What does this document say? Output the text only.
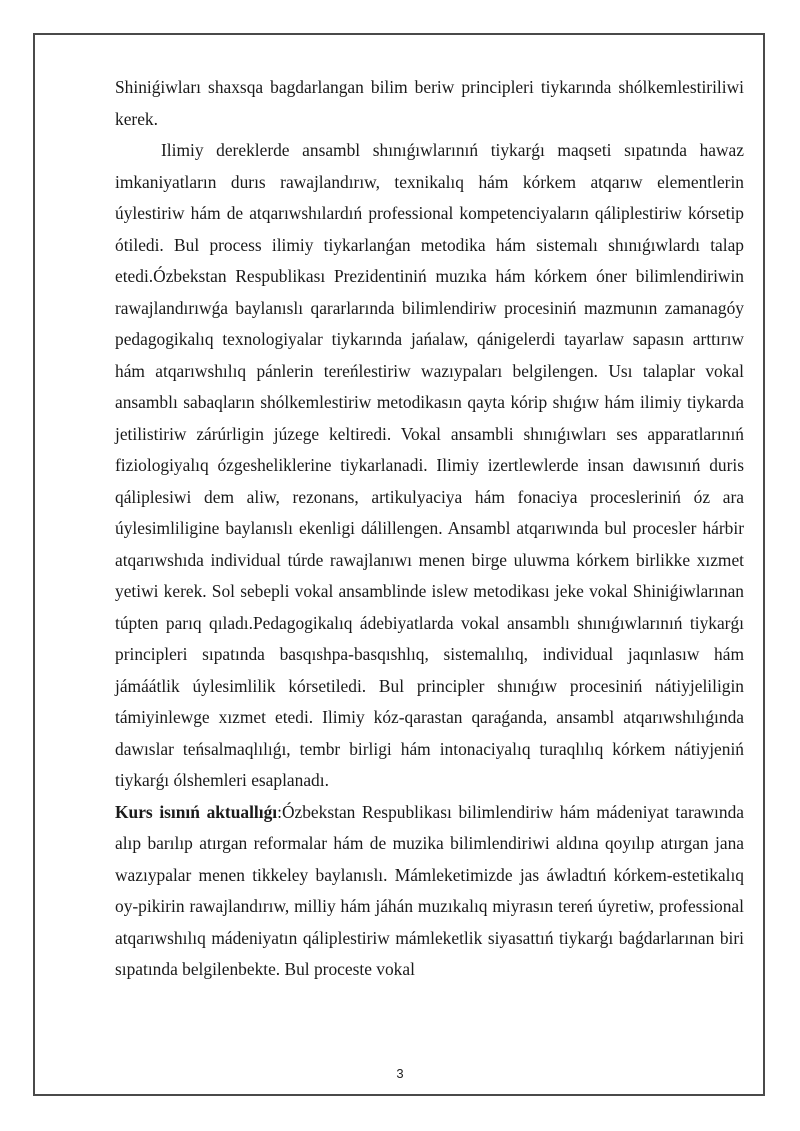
Shiniǵiwları shaxsqa bagdarlangan bilim beriw principleri tiykarında shólkemlestiriliwi kerek.

Ilimiy dereklerde ansambl shınıǵıwlarınıń tiykarǵı maqseti sıpatında hawaz imkaniyatların durıs rawajlandırıw, texnikalıq hám kórkem atqarıw elementlerin úylestiriw hám de atqarıwshılardıń professional kompetenciyaların qáliplestiriw kórsetip ótiledi. Bul process ilimiy tiykarlanǵan metodika hám sistemalı shınıǵıwlardı talap etedi.Ózbekstan Respublikası Prezidentiniń muzıka hám kórkem óner bilimlendiriwin rawajlandırıwǵa baylanıslı qararlarında bilimlendiriw procesiniń mazmunın zamanagóy pedagogikalıq texnologiyalar tiykarında jańalaw, qánigelerdi tayarlaw sapasın arttırıw hám atqarıwshılıq pánlerin tereńlestiriw wazıypaları belgilengen. Usı talaplar vokal ansamblı sabaqların shólkemlestiriw metodikasın qayta kórip shıǵıw hám ilimiy tiykarda jetilistiriw zárúrligin júzege keltiredi. Vokal ansambli shınıǵıwları ses apparatlarınıń fiziologiyalıq ózgesheliklerine tiykarlanadi. Ilimiy izertlewlerde insan dawısınıń duris qáliplesiwi dem aliw, rezonans, artikulyaciya hám fonaciya procesleriniń óz ara úylesimliligine baylanıslı ekenligi dálillengen. Ansambl atqarıwında bul procesler hárbir atqarıwshıda individual túrde rawajlanıwı menen birge uluwma kórkem birlikke xızmet yetiwi kerek. Sol sebepli vokal ansamblinde islew metodikası jeke vokal Shiniǵiwlarınan túpten parıq qıladı.Pedagogikalıq ádebiyatlarda vokal ansamblı shınıǵıwlarınıń tiykarǵı principleri sıpatında basqıshpa-basqıshlıq, sistemalılıq, individual jaqınlasıw hám jámáátlik úylesimlilik kórsetiledi. Bul principler shınıǵıw procesiniń nátiyjeliligin támiyinlewge xızmet etedi. Ilimiy kóz-qarastan qaraǵanda, ansambl atqarıwshılıǵında dawıslar teńsalmaqlılıǵı, tembr birligi hám intonaciyalıq turaqlılıq kórkem nátiyjeniń tiykarǵı ólshemleri esaplanadı.

Kurs isınıń aktuallıǵı:Ózbekstan Respublikası bilimlendiriw hám mádeniyat tarawında alıp barılıp atırgan reformalar hám de muzika bilimlendiriwi aldına qoyılıp atırgan jana wazıypalar menen tikkeley baylanıslı. Mámleketimizde jas áwladtıń kórkem-estetikalıq oy-pikirin rawajlandırıw, milliy hám jáhán muzıkalıq miyrasın tereń úyretiw, professional atqarıwshılıq mádeniyatın qáliplestiriw mámleketlik siyasattıń tiykarǵı baǵdarlarınan biri sıpatında belgilenbekte. Bul proceste vokal

3
